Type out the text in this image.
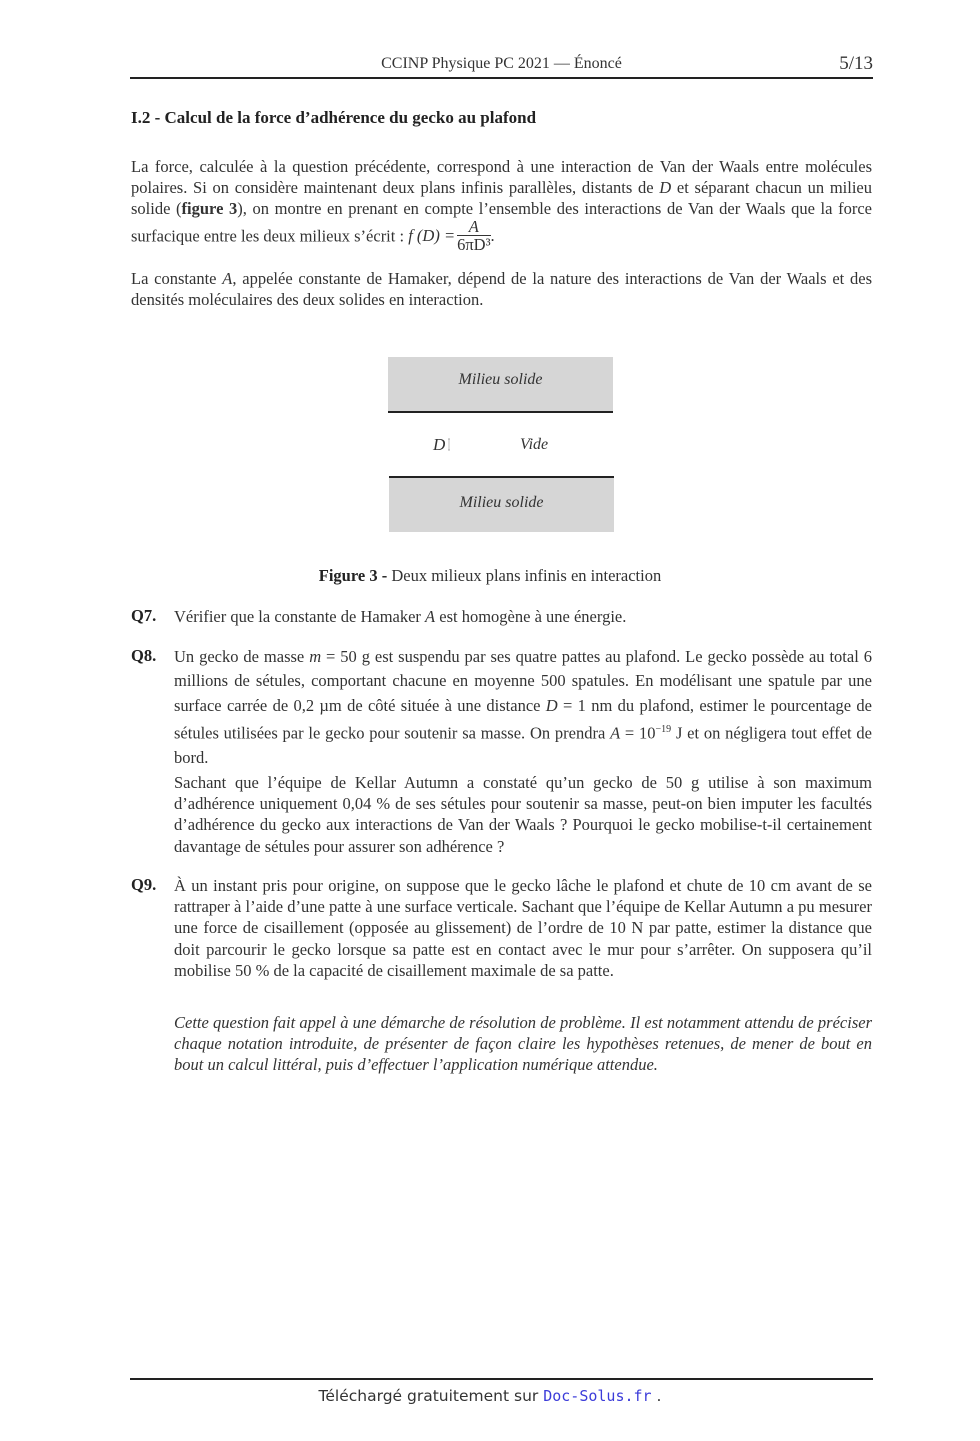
CCINP Physique PC 2021 — Énoncé	5/13
I.2 - Calcul de la force d’adhérence du gecko au plafond
La force, calculée à la question précédente, correspond à une interaction de Van der Waals entre molécules polaires. Si on considère maintenant deux plans infinis parallèles, distants de D et séparant chacun un milieu solide (figure 3), on montre en prenant en compte l’ensemble des interactions de Van der Waals que la force surfacique entre les deux milieux s’écrit : f $(D) = \frac{A}{\text{6πD³}}$ .
La constante A, appelée constante de Hamaker, dépend de la nature des interactions de Van der Waals et des densités moléculaires des deux solides en interaction.
Milieu solide
D	Vide
Milieu solide
Figure 3 - Deux milieux plans infinis en interaction
Q7. Vérifier que la constante de Hamaker A est homogène à une énergie.
Q8. Un gecko de masse m = 50 g est suspendu par ses quatre pattes au plafond. Le gecko possède au total 6 millions de sétules, comportant chacune en moyenne 500 spatules. En modélisant une spatule par une surface carrée de 0,2 µm de côté située à une distance D = 1 nm du plafond, estimer le pourcentage de sétules utilisées par le gecko pour soutenir sa masse. On prendra $A = 10^{-19}$ J et on négligera tout effet de bord.
Sachant que l’équipe de Kellar Autumn a constaté qu’un gecko de 50 g utilise à son maximum d’adhérence uniquement 0,04 % de ses sétules pour soutenir sa masse, peut-on bien imputer les facultés d’adhérence du gecko aux interactions de Van der Waals ? Pourquoi le gecko mobilise-t-il certainement davantage de sétules pour assurer son adhérence ?
Q9. À un instant pris pour origine, on suppose que le gecko lâche le plafond et chute de 10 cm avant de se rattraper à l’aide d’une patte à une surface verticale. Sachant que l’équipe de Kellar Autumn a pu mesurer une force de cisaillement (opposée au glissement) de l’ordre de 10 N par patte, estimer la distance que doit parcourir le gecko lorsque sa patte est en contact avec le mur pour s’arrêter. On supposera qu’il mobilise 50 % de la capacité de cisaillement maximale de sa patte.
Cette question fait appel à une démarche de résolution de problème. Il est notamment attendu de préciser chaque notation introduite, de présenter de façon claire les hypothèses retenues, de mener de bout en bout un calcul littéral, puis d’effectuer l’application numérique attendue.
Téléchargé gratuitement sur Doc-Solus.fr .
